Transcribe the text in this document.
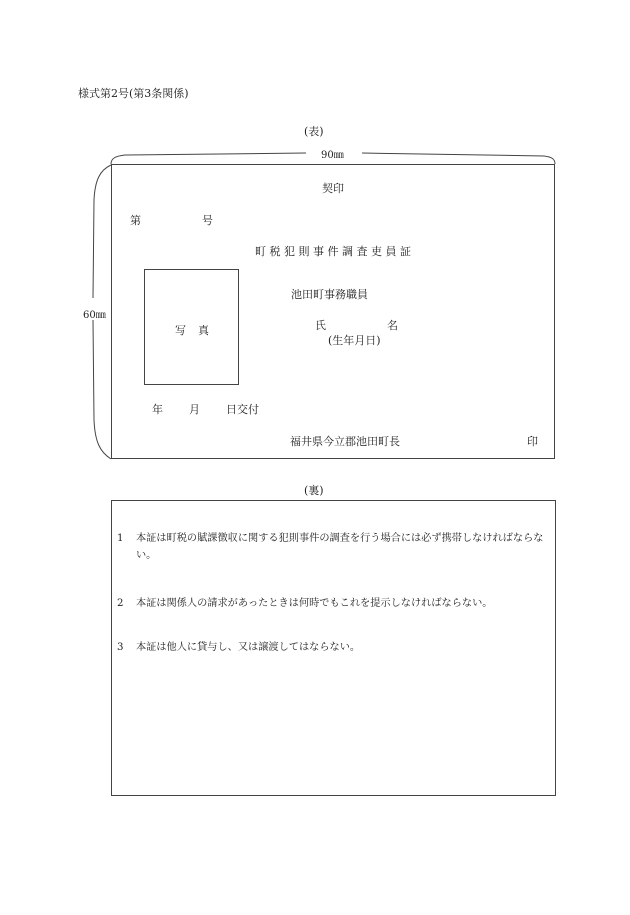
様式第2号(第3条関係)
(表)
90㎜
60㎜
契印
第	号
町税犯則事件調査吏員証
写真
池田町事務職員
氏	名
(生年月日)
年 月 日交付
福井県今立郡池田町長	印
(裏)
1	本証は町税の賦課徴収に関する犯則事件の調査を行う場合には必ず携帯しなければならない。
2	本証は関係人の請求があったときは何時でもこれを提示しなければならない。
3	本証は他人に貸与し、又は譲渡してはならない。
